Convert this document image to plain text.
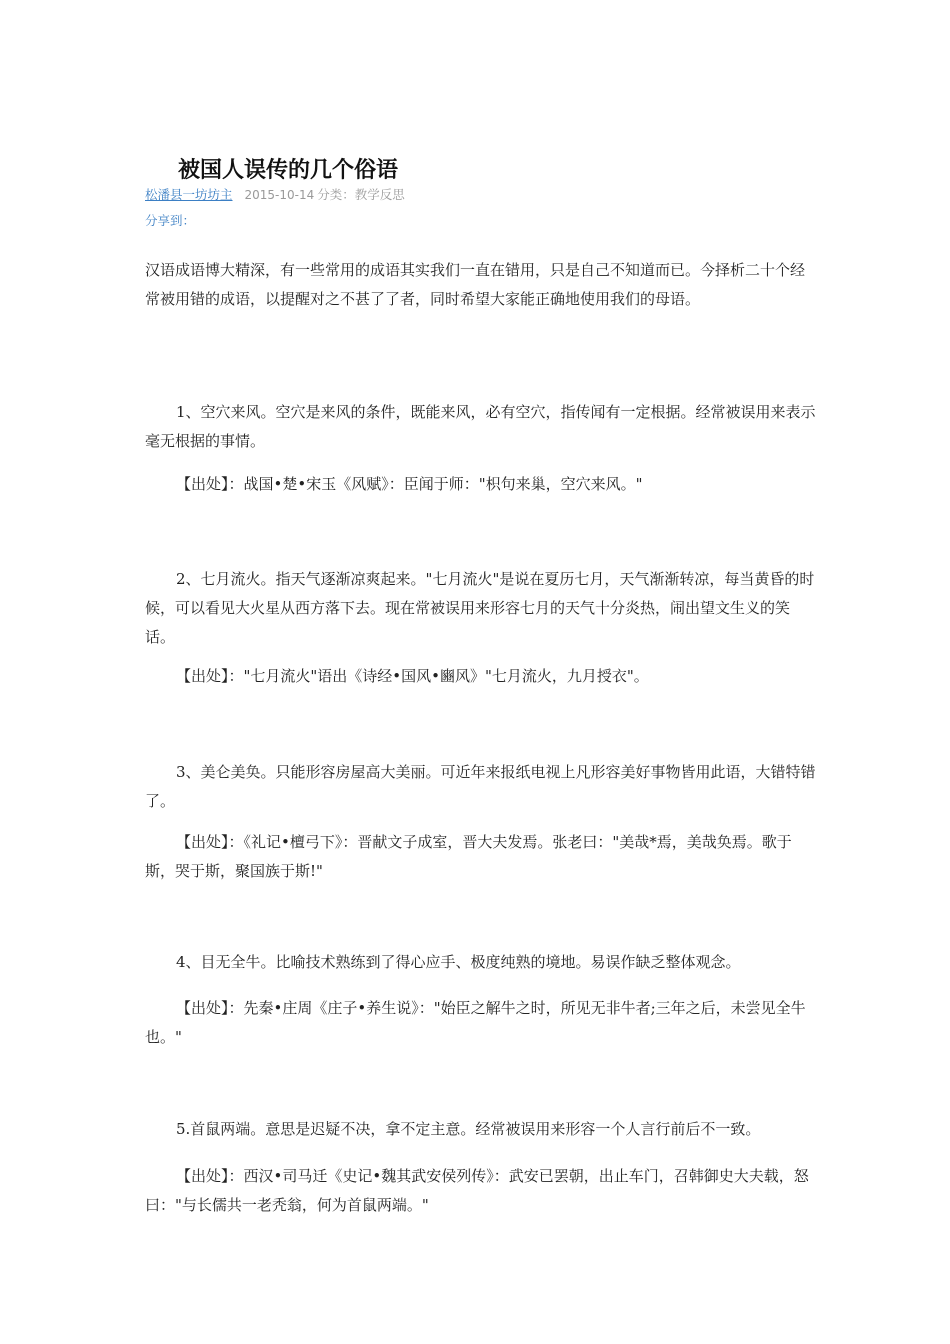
被国人误传的几个俗语
松潘县一坊坊主 2015-10-14 分类：教学反思
分享到：

汉语成语博大精深，有一些常用的成语其实我们一直在错用，只是自己不知道而已。今择析二十个经常被用错的成语，以提醒对之不甚了了者，同时希望大家能正确地使用我们的母语。

1、空穴来风。空穴是来风的条件，既能来风，必有空穴，指传闻有一定根据。经常被误用来表示毫无根据的事情。

【出处】：战国•楚•宋玉《风赋》：臣闻于师："枳句来巢，空穴来风。"

2、七月流火。指天气逐渐凉爽起来。"七月流火"是说在夏历七月，天气渐渐转凉，每当黄昏的时候，可以看见大火星从西方落下去。现在常被误用来形容七月的天气十分炎热，闹出望文生义的笑话。

【出处】："七月流火"语出《诗经•国风•豳风》"七月流火，九月授衣"。

3、美仑美奂。只能形容房屋高大美丽。可近年来报纸电视上凡形容美好事物皆用此语，大错特错了。

【出处】：《礼记•檀弓下》：晋献文子成室，晋大夫发焉。张老曰："美哉*焉，美哉奂焉。歌于斯，哭于斯，聚国族于斯!"

4、目无全牛。比喻技术熟练到了得心应手、极度纯熟的境地。易误作缺乏整体观念。

【出处】：先秦•庄周《庄子•养生说》："始臣之解牛之时，所见无非牛者;三年之后，未尝见全牛也。"

5.首鼠两端。意思是迟疑不决，拿不定主意。经常被误用来形容一个人言行前后不一致。

【出处】：西汉•司马迁《史记•魏其武安侯列传》：武安已罢朝，出止车门，召韩御史大夫载，怒曰："与长儒共一老秃翁，何为首鼠两端。"
